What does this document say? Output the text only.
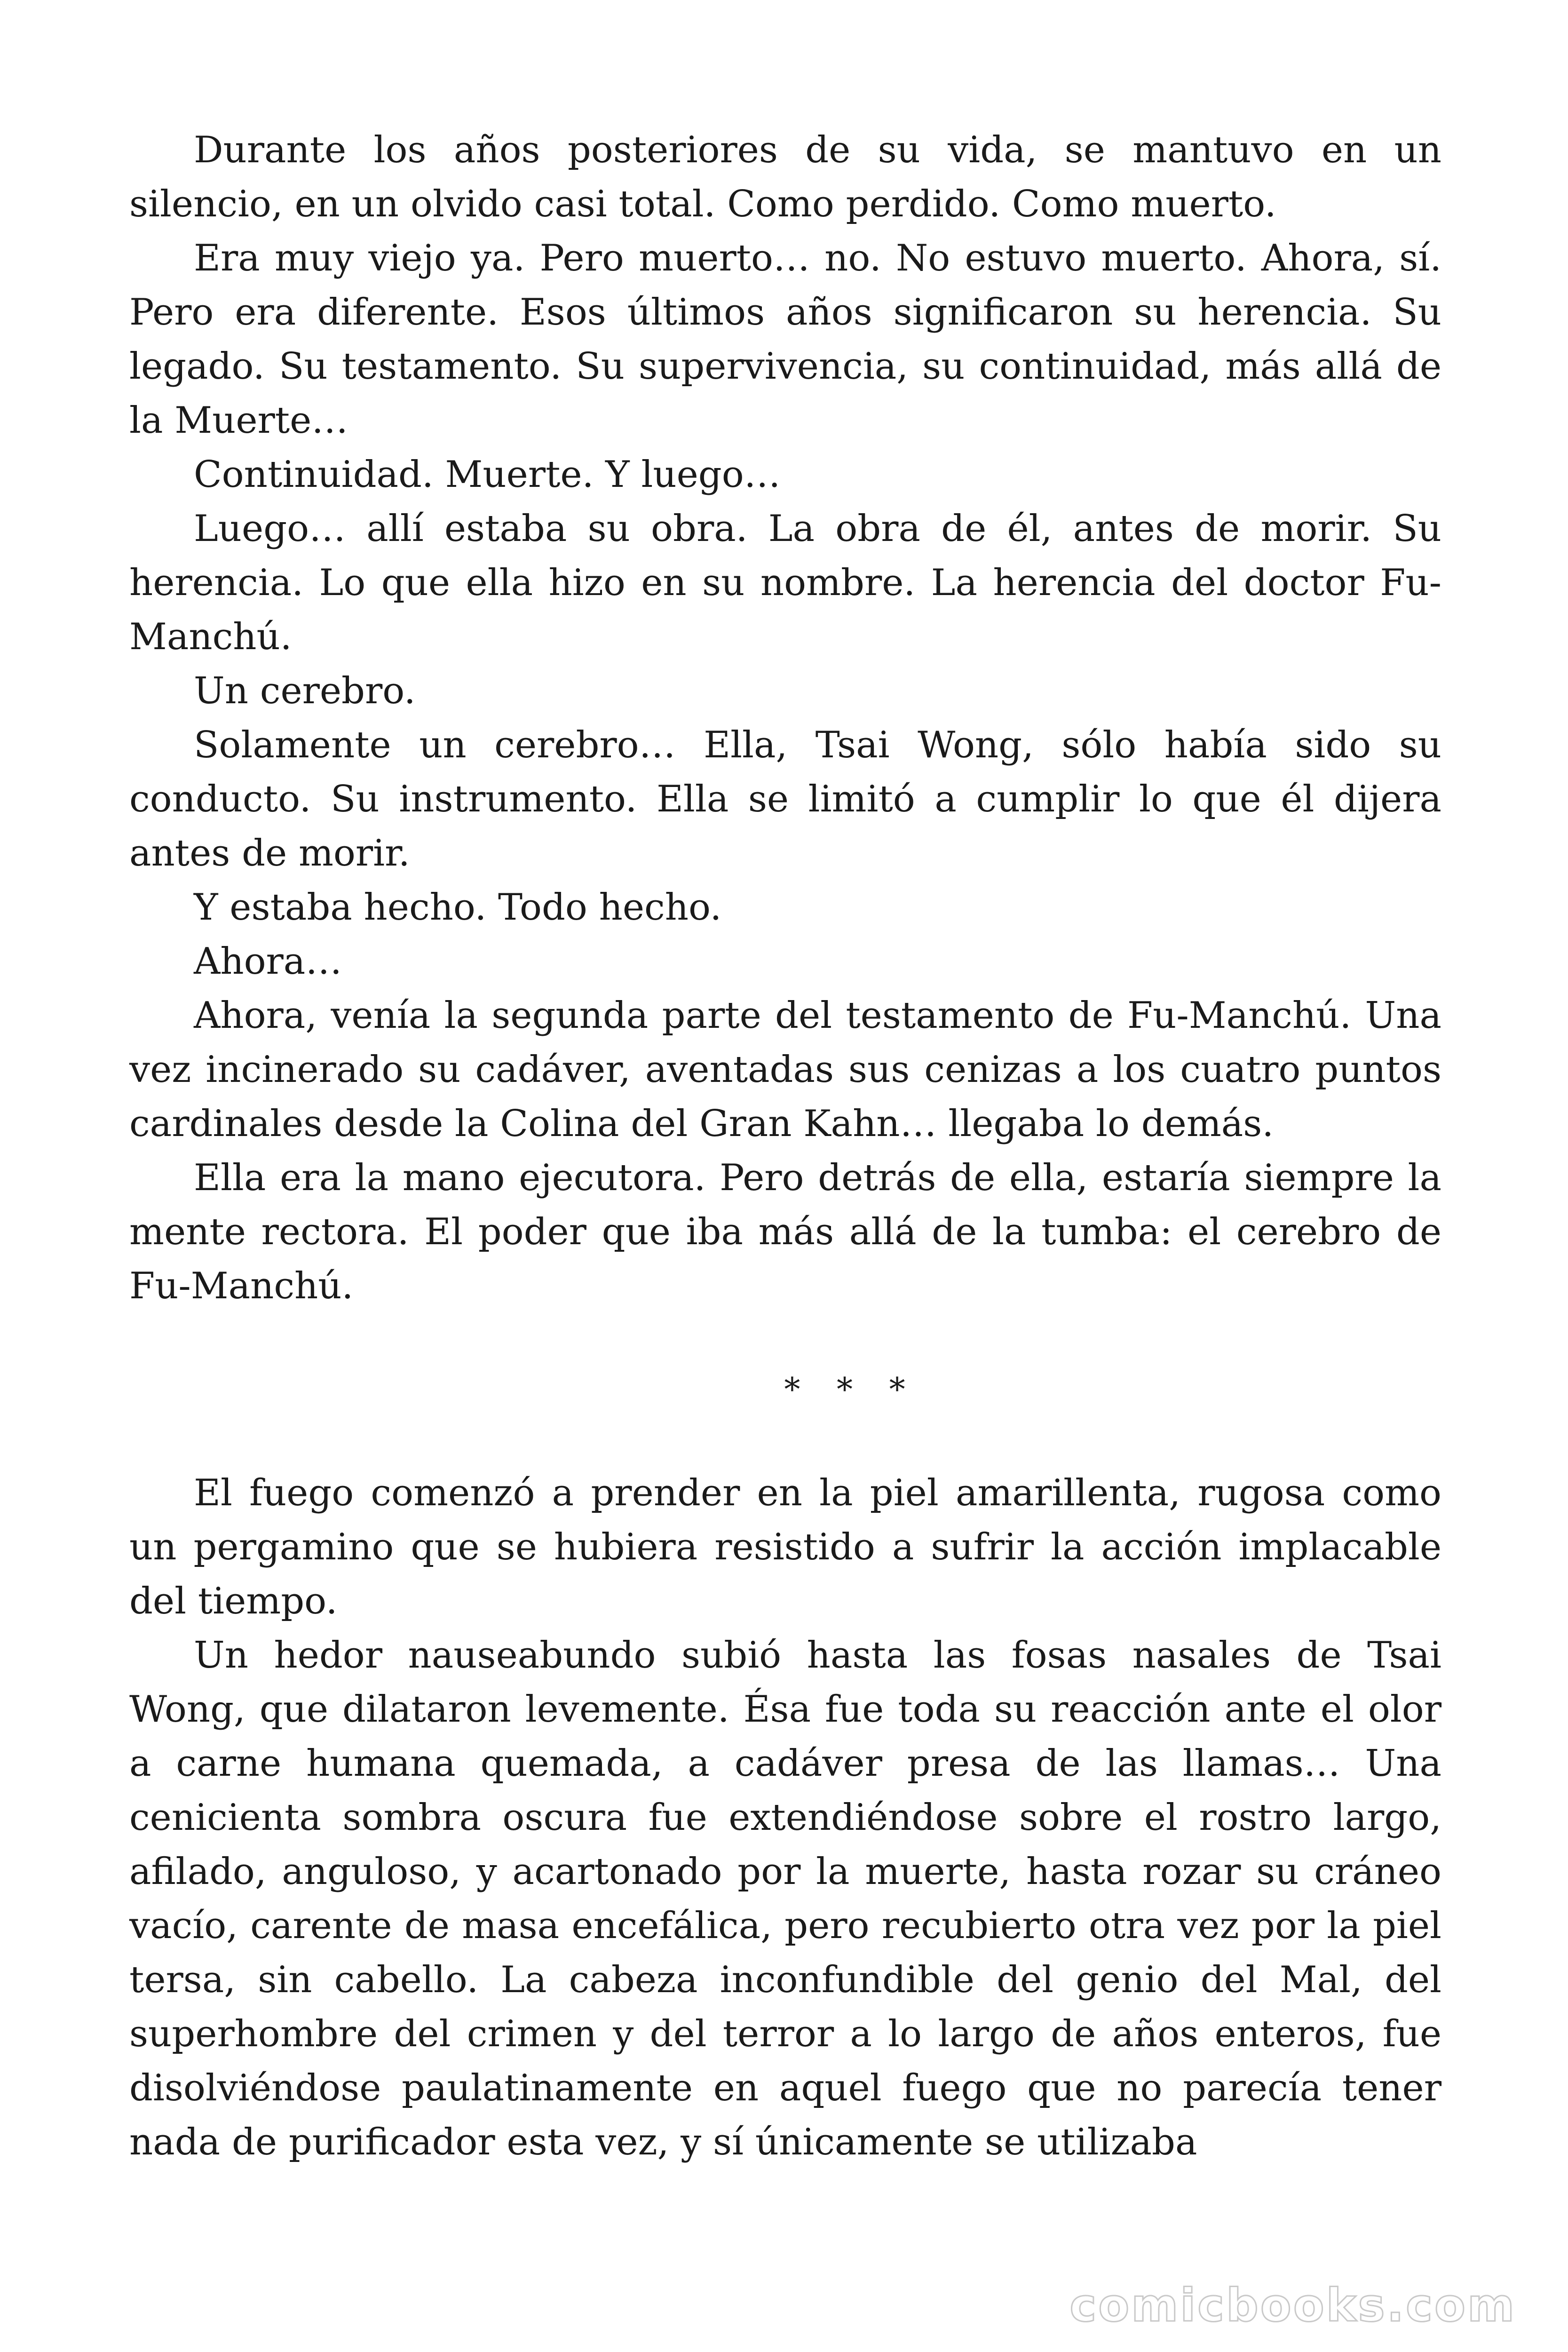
Durante los años posteriores de su vida, se mantuvo en un silencio, en un olvido casi total. Como perdido. Como muerto.

Era muy viejo ya. Pero muerto… no. No estuvo muerto. Ahora, sí. Pero era diferente. Esos últimos años significaron su herencia. Su legado. Su testamento. Su supervivencia, su continuidad, más allá de la Muerte…

Continuidad. Muerte. Y luego…

Luego… allí estaba su obra. La obra de él, antes de morir. Su herencia. Lo que ella hizo en su nombre. La herencia del doctor Fu-Manchú.

Un cerebro.

Solamente un cerebro… Ella, Tsai Wong, sólo había sido su conducto. Su instrumento. Ella se limitó a cumplir lo que él dijera antes de morir.

Y estaba hecho. Todo hecho.

Ahora…

Ahora, venía la segunda parte del testamento de Fu-Manchú. Una vez incinerado su cadáver, aventadas sus cenizas a los cuatro puntos cardinales desde la Colina del Gran Kahn… llegaba lo demás.

Ella era la mano ejecutora. Pero detrás de ella, estaría siempre la mente rectora. El poder que iba más allá de la tumba: el cerebro de Fu-Manchú.

* * *

El fuego comenzó a prender en la piel amarillenta, rugosa como un pergamino que se hubiera resistido a sufrir la acción implacable del tiempo.

Un hedor nauseabundo subió hasta las fosas nasales de Tsai Wong, que dilataron levemente. Ésa fue toda su reacción ante el olor a carne humana quemada, a cadáver presa de las llamas… Una cenicienta sombra oscura fue extendiéndose sobre el rostro largo, afilado, anguloso, y acartonado por la muerte, hasta rozar su cráneo vacío, carente de masa encefálica, pero recubierto otra vez por la piel tersa, sin cabello. La cabeza inconfundible del genio del Mal, del superhombre del crimen y del terror a lo largo de años enteros, fue disolviéndose paulatinamente en aquel fuego que no parecía tener nada de purificador esta vez, y sí únicamente se utilizaba

comicbooks.com
